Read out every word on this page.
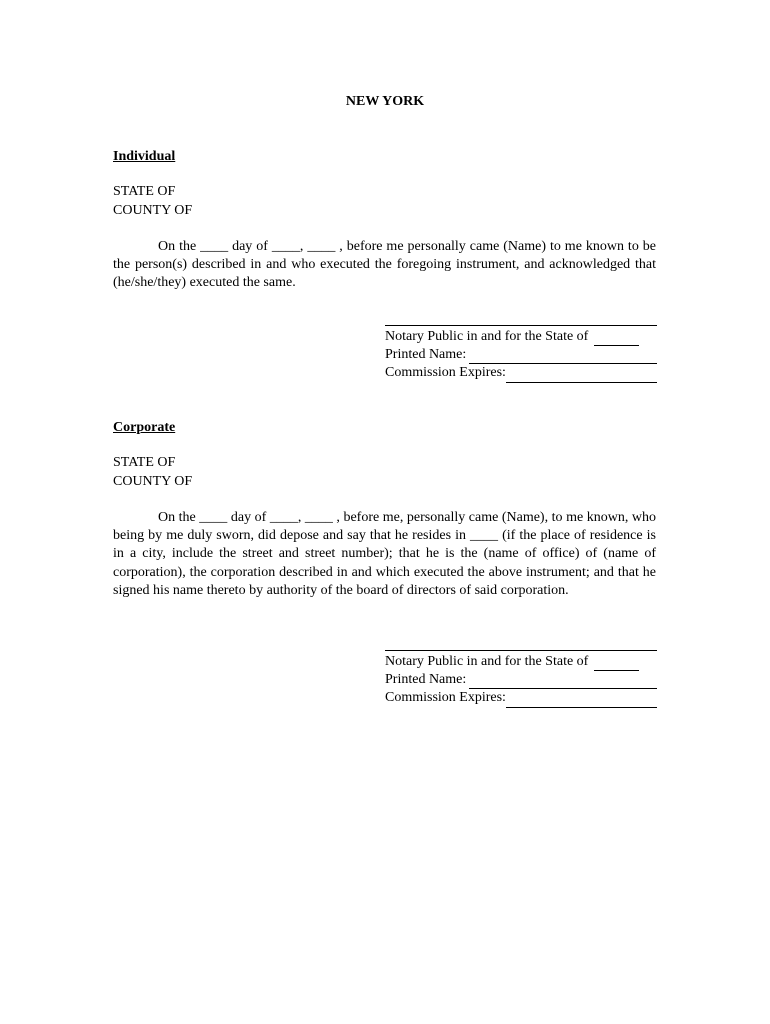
NEW YORK
Individual
STATE OF
COUNTY OF

On the ____ day of ____, ____ , before me personally came (Name) to me known to be the person(s) described in and who executed the foregoing instrument, and acknowledged that (he/she/they) executed the same.

Notary Public in and for the State of
Printed Name:
Commission Expires:
Corporate
STATE OF
COUNTY OF

On the ____ day of ____, ____ , before me, personally came (Name), to me known, who being by me duly sworn, did depose and say that he resides in ____ (if the place of residence is in a city, include the street and street number); that he is the (name of office) of (name of corporation), the corporation described in and which executed the above instrument; and that he signed his name thereto by authority of the board of directors of said corporation.

Notary Public in and for the State of
Printed Name:
Commission Expires:
